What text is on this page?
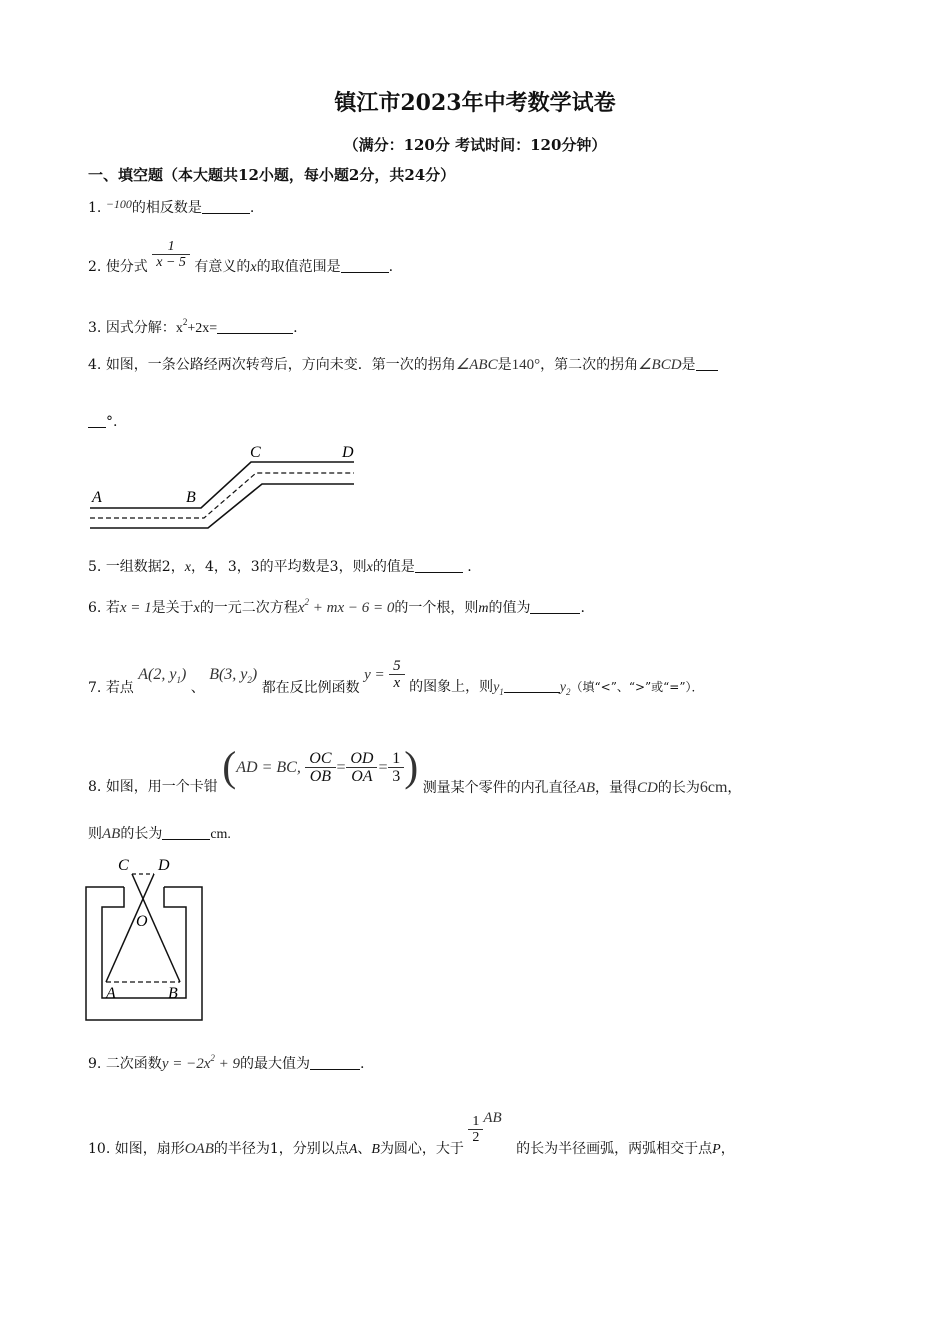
镇江市2023年中考数学试卷
（满分：120分 考试时间：120分钟）
一、填空题（本大题共12小题，每小题2分，共24分）
1. −100的相反数是	.
2. 使分式 $\frac{1}{x - 5}$ 有意义的x的取值范围是	.
3. 因式分解：$x^2+2x=$	.
4. 如图，一条公路经两次转弯后，方向未变．第一次的拐角∠ABC是140°，第二次的拐角∠BCD是
°.
A	B
C	D
5. 一组数据2，x，4，3，3的平均数是3，则x的值是	.
6. 若x = 1是关于x的一元二次方程$x^2$ + mx − 6 = 0的一个根，则m的值为	.
7. 若点 A(2, $y_1$) 、 B(3, $y_2$) 都在反比例函数 $y = \frac{5}{x}$ 的图象上，则$y_1$	$y_2$（填“<”、“>”或“=”）．
8. 如图，用一个卡钳 (AD = BC, $\frac{OC}{OB} = \frac{OD}{OA} = \frac{1}{3}$ ) 测量某个零件的内孔直径AB，量得CD的长为6cm，
则AB的长为	cm.
C D
O
A	B
9. 二次函数$y = -2x^2 + 9$的最大值为	.
10. 如图，扇形OAB的半径为1，分别以点A、B为圆心，大于
$\frac{1}{2}$ AB 的长为半径画弧，两弧相交于点P，
